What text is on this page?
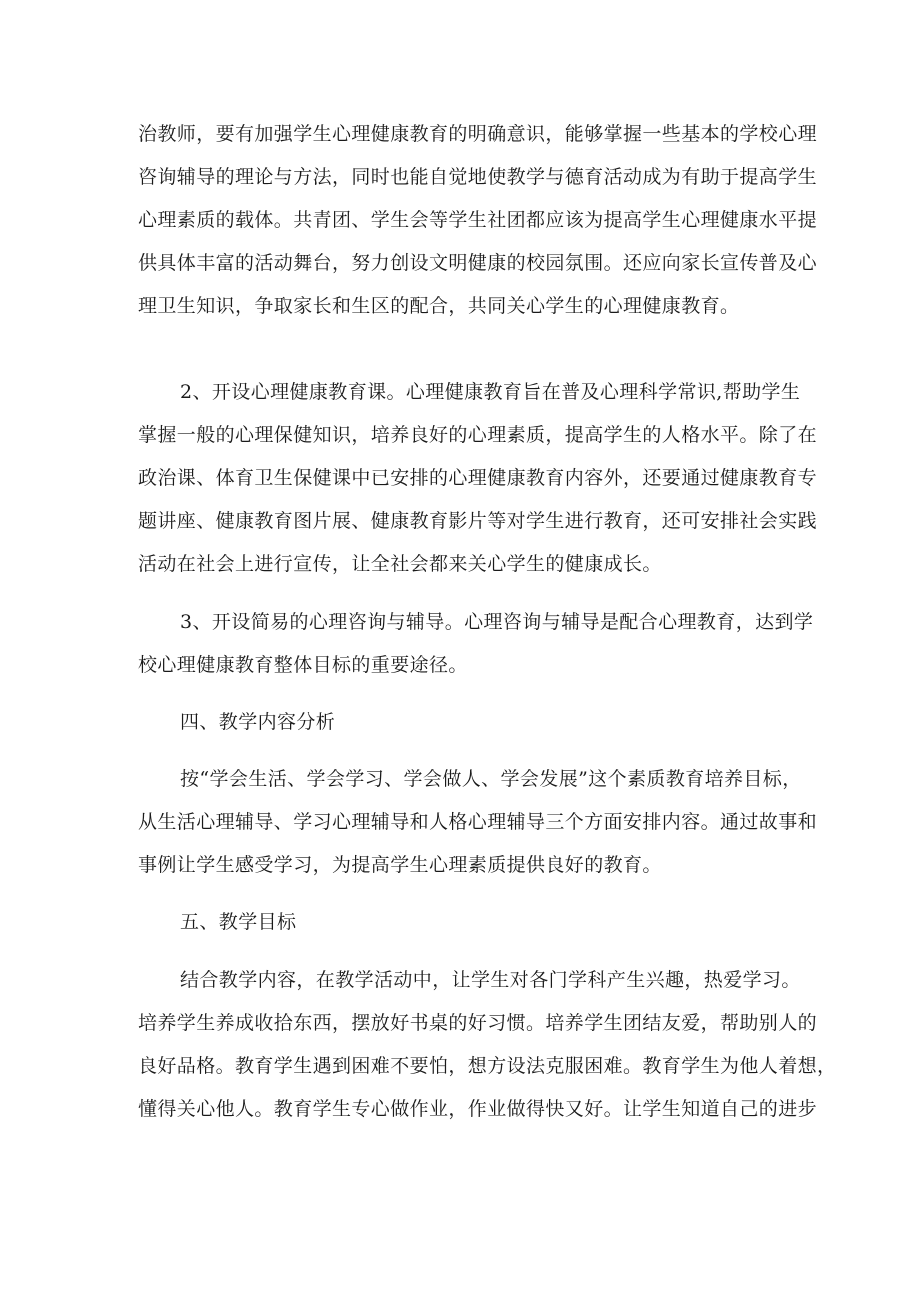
治教师，要有加强学生心理健康教育的明确意识，能够掌握一些基本的学校心理

咨询辅导的理论与方法，同时也能自觉地使教学与德育活动成为有助于提高学生

心理素质的载体。共青团、学生会等学生社团都应该为提高学生心理健康水平提

供具体丰富的活动舞台，努力创设文明健康的校园氛围。还应向家长宣传普及心

理卫生知识，争取家长和生区的配合，共同关心学生的心理健康教育。

2、开设心理健康教育课。心理健康教育旨在普及心理科学常识,帮助学生

掌握一般的心理保健知识，培养良好的心理素质，提高学生的人格水平。除了在

政治课、体育卫生保健课中已安排的心理健康教育内容外，还要通过健康教育专

题讲座、健康教育图片展、健康教育影片等对学生进行教育，还可安排社会实践

活动在社会上进行宣传，让全社会都来关心学生的健康成长。

3、开设简易的心理咨询与辅导。心理咨询与辅导是配合心理教育，达到学

校心理健康教育整体目标的重要途径。

四、教学内容分析

按“学会生活、学会学习、学会做人、学会发展”这个素质教育培养目标，

从生活心理辅导、学习心理辅导和人格心理辅导三个方面安排内容。通过故事和

事例让学生感受学习，为提高学生心理素质提供良好的教育。

五、教学目标

结合教学内容，在教学活动中，让学生对各门学科产生兴趣，热爱学习。

培养学生养成收拾东西，摆放好书桌的好习惯。培养学生团结友爱，帮助别人的

良好品格。教育学生遇到困难不要怕，想方设法克服困难。教育学生为他人着想，

懂得关心他人。教育学生专心做作业，作业做得快又好。让学生知道自己的进步
